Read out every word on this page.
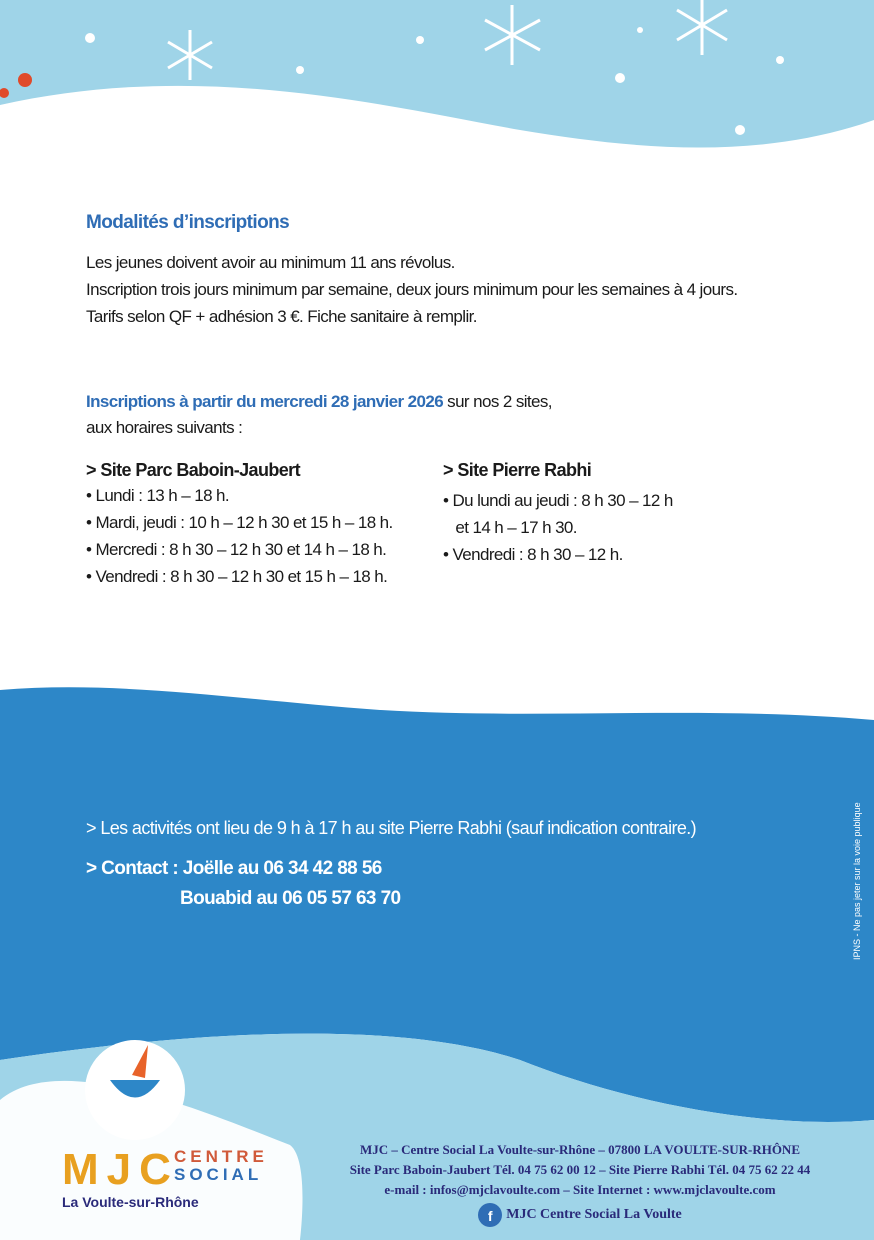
Modalités d’inscriptions
Les jeunes doivent avoir au minimum 11 ans révolus.
Inscription trois jours minimum par semaine, deux jours minimum pour les semaines à 4 jours.
Tarifs selon QF + adhésion 3 €. Fiche sanitaire à remplir.
Inscriptions à partir du mercredi 28 janvier 2026 sur nos 2 sites,
aux horaires suivants :
> Site Parc Baboin-Jaubert
• Lundi : 13 h – 18 h.
• Mardi, jeudi : 10 h – 12 h 30 et 15 h – 18 h.
• Mercredi : 8 h 30 – 12 h 30 et 14 h – 18 h.
• Vendredi : 8 h 30 – 12 h 30 et 15 h – 18 h.
> Site Pierre Rabhi
• Du lundi au jeudi : 8 h 30 – 12 h
et 14 h – 17 h 30.
• Vendredi : 8 h 30 – 12 h.
> Les activités ont lieu de 9 h à 17 h au site Pierre Rabhi (sauf indication contraire.)
> Contact : Joëlle au 06 34 42 88 56
Bouabid au 06 05 57 63 70	IPNS - Ne pas jeter sur la voie publique
MJC
CENTRE
SOCIAL
La Voulte-sur-Rhône
MJC – Centre Social La Voulte-sur-Rhône – 07800 LA VOULTE-SUR-RHÔNE
Site Parc Baboin-Jaubert Tél. 04 75 62 00 12 – Site Pierre Rabhi Tél. 04 75 62 22 44
e-mail : infos@mjclavoulte.com – Site Internet : www.mjclavoulte.com
f MJC Centre Social La Voulte
